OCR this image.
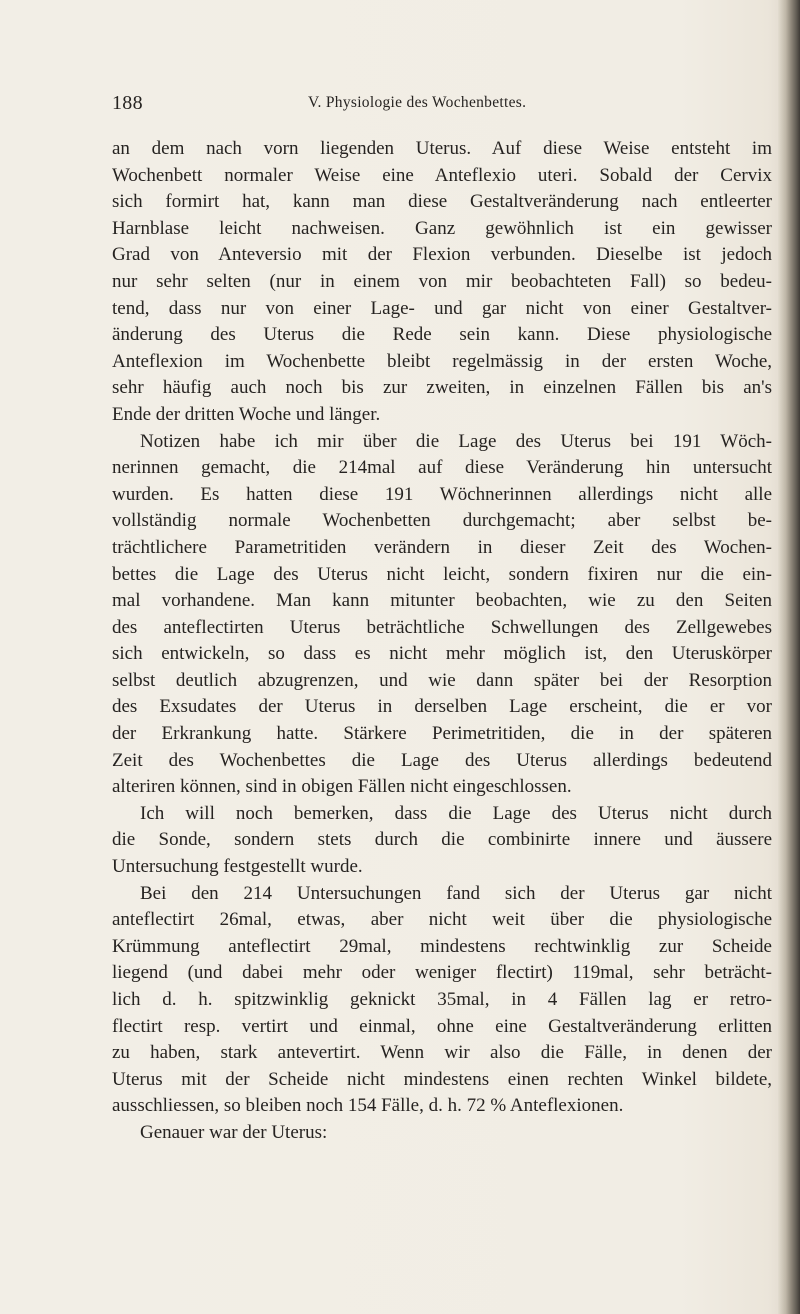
188	V. Physiologie des Wochenbettes.
an dem nach vorn liegenden Uterus. Auf diese Weise entsteht im
Wochenbett normaler Weise eine Anteflexio uteri. Sobald der Cervix
sich formirt hat, kann man diese Gestaltveränderung nach entleerter
Harnblase leicht nachweisen. Ganz gewöhnlich ist ein gewisser
Grad von Anteversio mit der Flexion verbunden. Dieselbe ist jedoch
nur sehr selten (nur in einem von mir beobachteten Fall) so bedeu-
tend, dass nur von einer Lage- und gar nicht von einer Gestaltver-
änderung des Uterus die Rede sein kann. Diese physiologische
Anteflexion im Wochenbette bleibt regelmässig in der ersten Woche,
sehr häufig auch noch bis zur zweiten, in einzelnen Fällen bis an's
Ende der dritten Woche und länger.
Notizen habe ich mir über die Lage des Uterus bei 191 Wöch-
nerinnen gemacht, die 214mal auf diese Veränderung hin untersucht
wurden. Es hatten diese 191 Wöchnerinnen allerdings nicht alle
vollständig normale Wochenbetten durchgemacht; aber selbst be-
trächtlichere Parametritiden verändern in dieser Zeit des Wochen-
bettes die Lage des Uterus nicht leicht, sondern fixiren nur die ein-
mal vorhandene. Man kann mitunter beobachten, wie zu den Seiten
des anteflectirten Uterus beträchtliche Schwellungen des Zellgewebes
sich entwickeln, so dass es nicht mehr möglich ist, den Uteruskörper
selbst deutlich abzugrenzen, und wie dann später bei der Resorption
des Exsudates der Uterus in derselben Lage erscheint, die er vor
der Erkrankung hatte. Stärkere Perimetritiden, die in der späteren
Zeit des Wochenbettes die Lage des Uterus allerdings bedeutend
alteriren können, sind in obigen Fällen nicht eingeschlossen.
Ich will noch bemerken, dass die Lage des Uterus nicht durch
die Sonde, sondern stets durch die combinirte innere und äussere
Untersuchung festgestellt wurde.
Bei den 214 Untersuchungen fand sich der Uterus gar nicht
anteflectirt 26mal, etwas, aber nicht weit über die physiologische
Krümmung anteflectirt 29mal, mindestens rechtwinklig zur Scheide
liegend (und dabei mehr oder weniger flectirt) 119mal, sehr beträcht-
lich d. h. spitzwinklig geknickt 35mal, in 4 Fällen lag er retro-
flectirt resp. vertirt und einmal, ohne eine Gestaltveränderung erlitten
zu haben, stark antevertirt. Wenn wir also die Fälle, in denen der
Uterus mit der Scheide nicht mindestens einen rechten Winkel bildete,
ausschliessen, so bleiben noch 154 Fälle, d. h. 72 % Anteflexionen.
Genauer war der Uterus:
